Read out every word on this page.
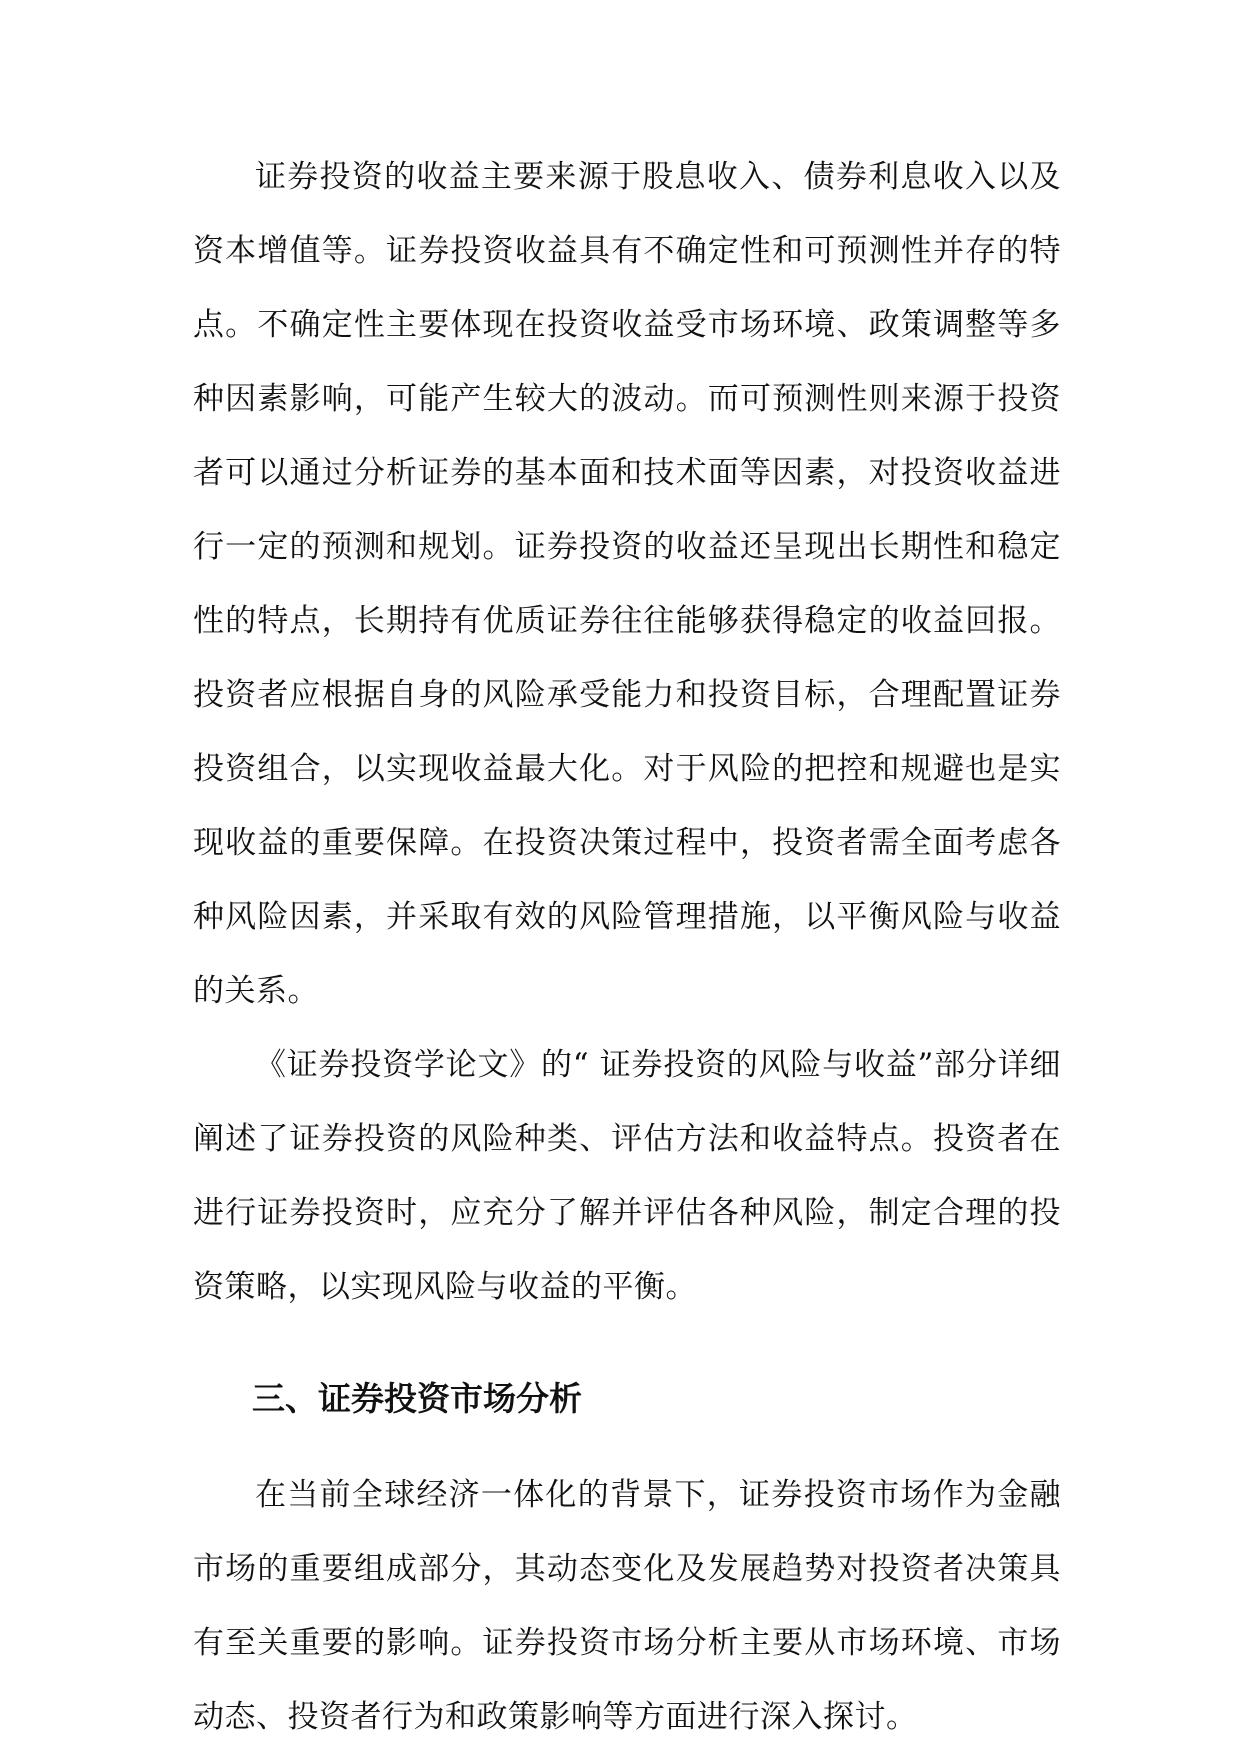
证券投资的收益主要来源于股息收入、债券利息收入以及资本增值等。证券投资收益具有不确定性和可预测性并存的特点。不确定性主要体现在投资收益受市场环境、政策调整等多种因素影响，可能产生较大的波动。而可预测性则来源于投资者可以通过分析证券的基本面和技术面等因素，对投资收益进行一定的预测和规划。证券投资的收益还呈现出长期性和稳定性的特点，长期持有优质证券往往能够获得稳定的收益回报。投资者应根据自身的风险承受能力和投资目标，合理配置证券投资组合，以实现收益最大化。对于风险的把控和规避也是实现收益的重要保障。在投资决策过程中，投资者需全面考虑各种风险因素，并采取有效的风险管理措施，以平衡风险与收益的关系。

《证券投资学论文》的“ 证券投资的风险与收益”部分详细阐述了证券投资的风险种类、评估方法和收益特点。投资者在进行证券投资时，应充分了解并评估各种风险，制定合理的投资策略，以实现风险与收益的平衡。

三、证券投资市场分析

在当前全球经济一体化的背景下，证券投资市场作为金融市场的重要组成部分，其动态变化及发展趋势对投资者决策具有至关重要的影响。证券投资市场分析主要从市场环境、市场动态、投资者行为和政策影响等方面进行深入探讨。
